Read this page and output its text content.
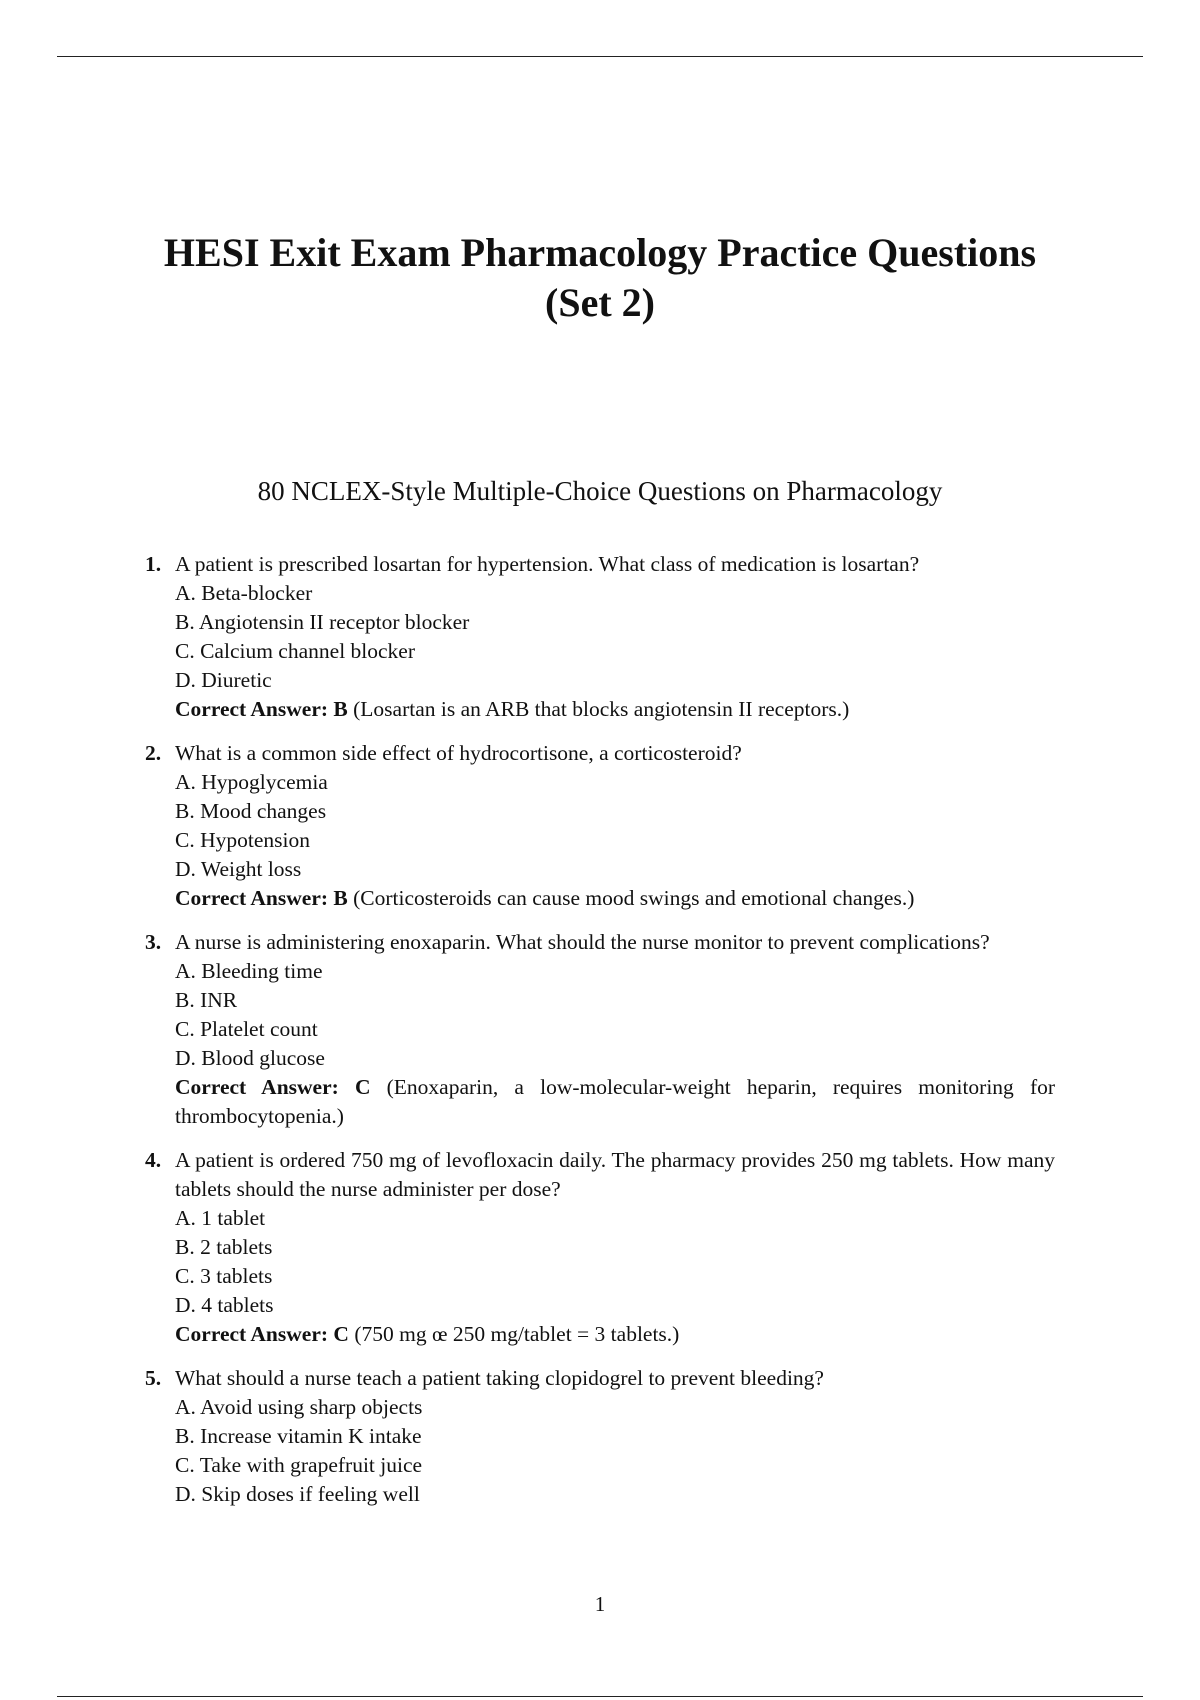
HESI Exit Exam Pharmacology Practice Questions
(Set 2)

80 NCLEX-Style Multiple-Choice Questions on Pharmacology

1. A patient is prescribed losartan for hypertension. What class of medication is losartan?
A. Beta-blocker
B. Angiotensin II receptor blocker
C. Calcium channel blocker
D. Diuretic
Correct Answer: B (Losartan is an ARB that blocks angiotensin II receptors.)
2. What is a common side effect of hydrocortisone, a corticosteroid?
A. Hypoglycemia
B. Mood changes
C. Hypotension
D. Weight loss
Correct Answer: B (Corticosteroids can cause mood swings and emotional changes.)
3. A nurse is administering enoxaparin. What should the nurse monitor to prevent complications?
A. Bleeding time
B. INR
C. Platelet count
D. Blood glucose
Correct Answer: C (Enoxaparin, a low-molecular-weight heparin, requires monitoring for thrombocytopenia.)
4. A patient is ordered 750 mg of levofloxacin daily. The pharmacy provides 250 mg tablets. How many tablets should the nurse administer per dose?
A. 1 tablet
B. 2 tablets
C. 3 tablets
D. 4 tablets
Correct Answer: C (750 mg œ 250 mg/tablet = 3 tablets.)
5. What should a nurse teach a patient taking clopidogrel to prevent bleeding?
A. Avoid using sharp objects
B. Increase vitamin K intake
C. Take with grapefruit juice
D. Skip doses if feeling well
1
